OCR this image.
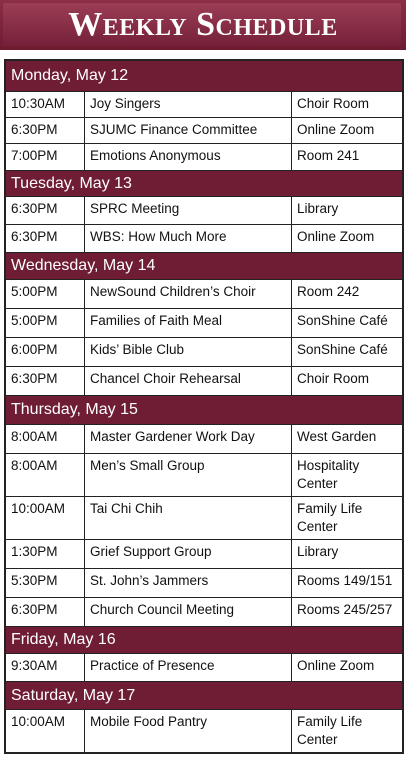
Weekly Schedule
Monday, May 12
10:30AM	Joy Singers	Choir Room
6:30PM	SJUMC Finance Committee	Online Zoom
7:00PM	Emotions Anonymous	Room 241
Tuesday, May 13
6:30PM	SPRC Meeting	Library
6:30PM	WBS: How Much More	Online Zoom
Wednesday, May 14
5:00PM	NewSound Children’s Choir	Room 242
5:00PM	Families of Faith Meal	SonShine Café
6:00PM	Kids’ Bible Club	SonShine Café
6:30PM	Chancel Choir Rehearsal	Choir Room
Thursday, May 15
8:00AM	Master Gardener Work Day	West Garden
8:00AM	Men’s Small Group	Hospitality Center
10:00AM	Tai Chi Chih	Family Life Center
1:30PM	Grief Support Group	Library
5:30PM	St. John’s Jammers	Rooms 149/151
6:30PM	Church Council Meeting	Rooms 245/257
Friday, May 16
9:30AM	Practice of Presence	Online Zoom
Saturday, May 17
10:00AM	Mobile Food Pantry	Family Life Center
